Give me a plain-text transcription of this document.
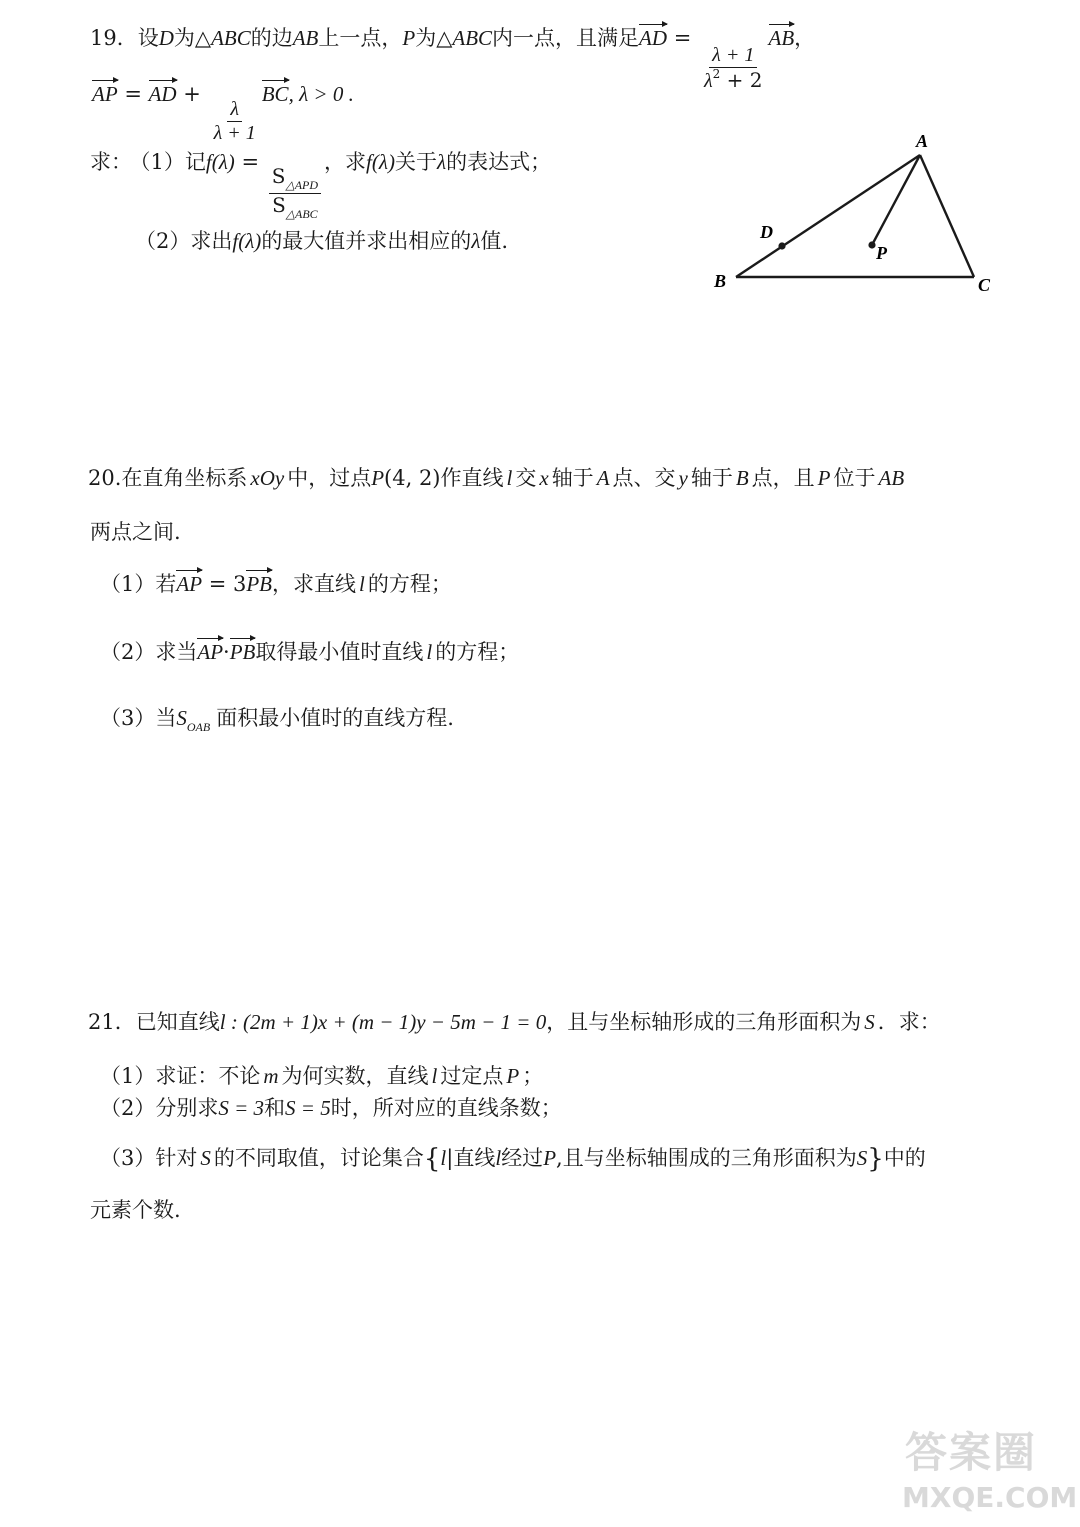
19．设D为△ABC的边AB上一点，P为△ABC内一点，且满足AD =
$\frac{\lambda + 1}{\lambda^2 + 2}$
AB，
AP = AD +
$\frac{\lambda}{\lambda + 1}$
BC, λ > 0 .
求： （1）记f(λ) =
$\frac{S_{\triangle APD}}{S_{\triangle ABC}}$
，求f(λ)关于λ的表达式；
（2）求出f(λ)的最大值并求出相应的λ值.
A
B	C
D
P
20.在直角坐标系 xOy 中，过点P(4, 2)作直线 l 交 x 轴于 A 点、交 y 轴于 B 点，且 P 位于 AB
两点之间.
（1）若AP = 3PB，求直线 l 的方程；
（2）求当AP·PB取得最小值时直线 l 的方程；
（3）当$S_{OAB}$ 面积最小值时的直线方程.
21．已知直线l : (2m + 1)x + (m − 1)y − 5m − 1 = 0，且与坐标轴形成的三角形面积为 S ．求：
（1）求证：不论 m 为何实数，直线 l 过定点 P ；
（2）分别求S = 3和S = 5时，所对应的直线条数；
（3）针对 S 的不同取值，讨论集合{l|直线l经过P,且与坐标轴围成的三角形面积为S}中的
元素个数.
答案圈
MXQE.COM
